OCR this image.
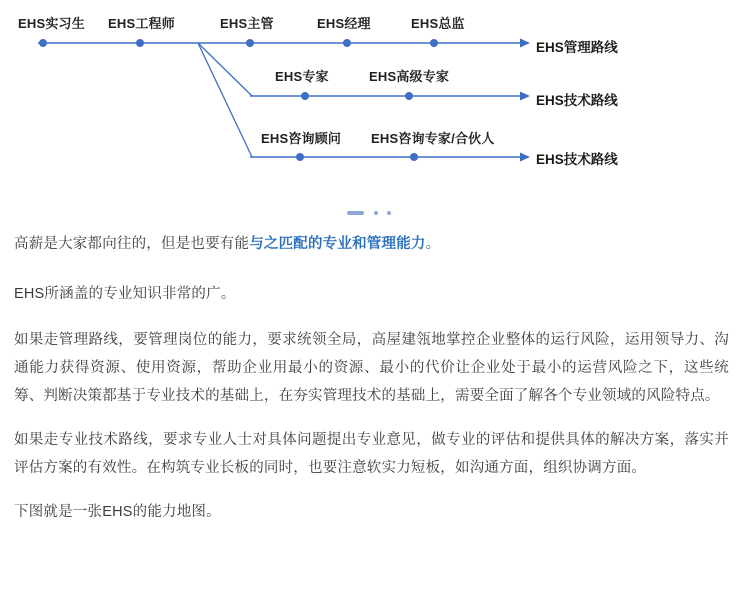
EHS实习生 EHS工程师	EHS主管	EHS经理	EHS总监
EHS专家	EHS高级专家
EHS咨询顾问 EHS咨询专家/合伙人
EHS管理路线
EHS技术路线
EHS技术路线

高薪是大家都向往的，但是也要有能与之匹配的专业和管理能力。

EHS所涵盖的专业知识非常的广。

如果走管理路线，要管理岗位的能力，要求统领全局，高屋建瓴地掌控企业整体的运行风险，运用领导力、沟通能力获得资源、使用资源，帮助企业用最小的资源、最小的代价让企业处于最小的运营风险之下，这些统筹、判断决策都基于专业技术的基础上，在夯实管理技术的基础上，需要全面了解各个专业领域的风险特点。

如果走专业技术路线，要求专业人士对具体问题提出专业意见，做专业的评估和提供具体的解决方案，落实并评估方案的有效性。在构筑专业长板的同时，也要注意软实力短板，如沟通方面，组织协调方面。

下图就是一张EHS的能力地图。
